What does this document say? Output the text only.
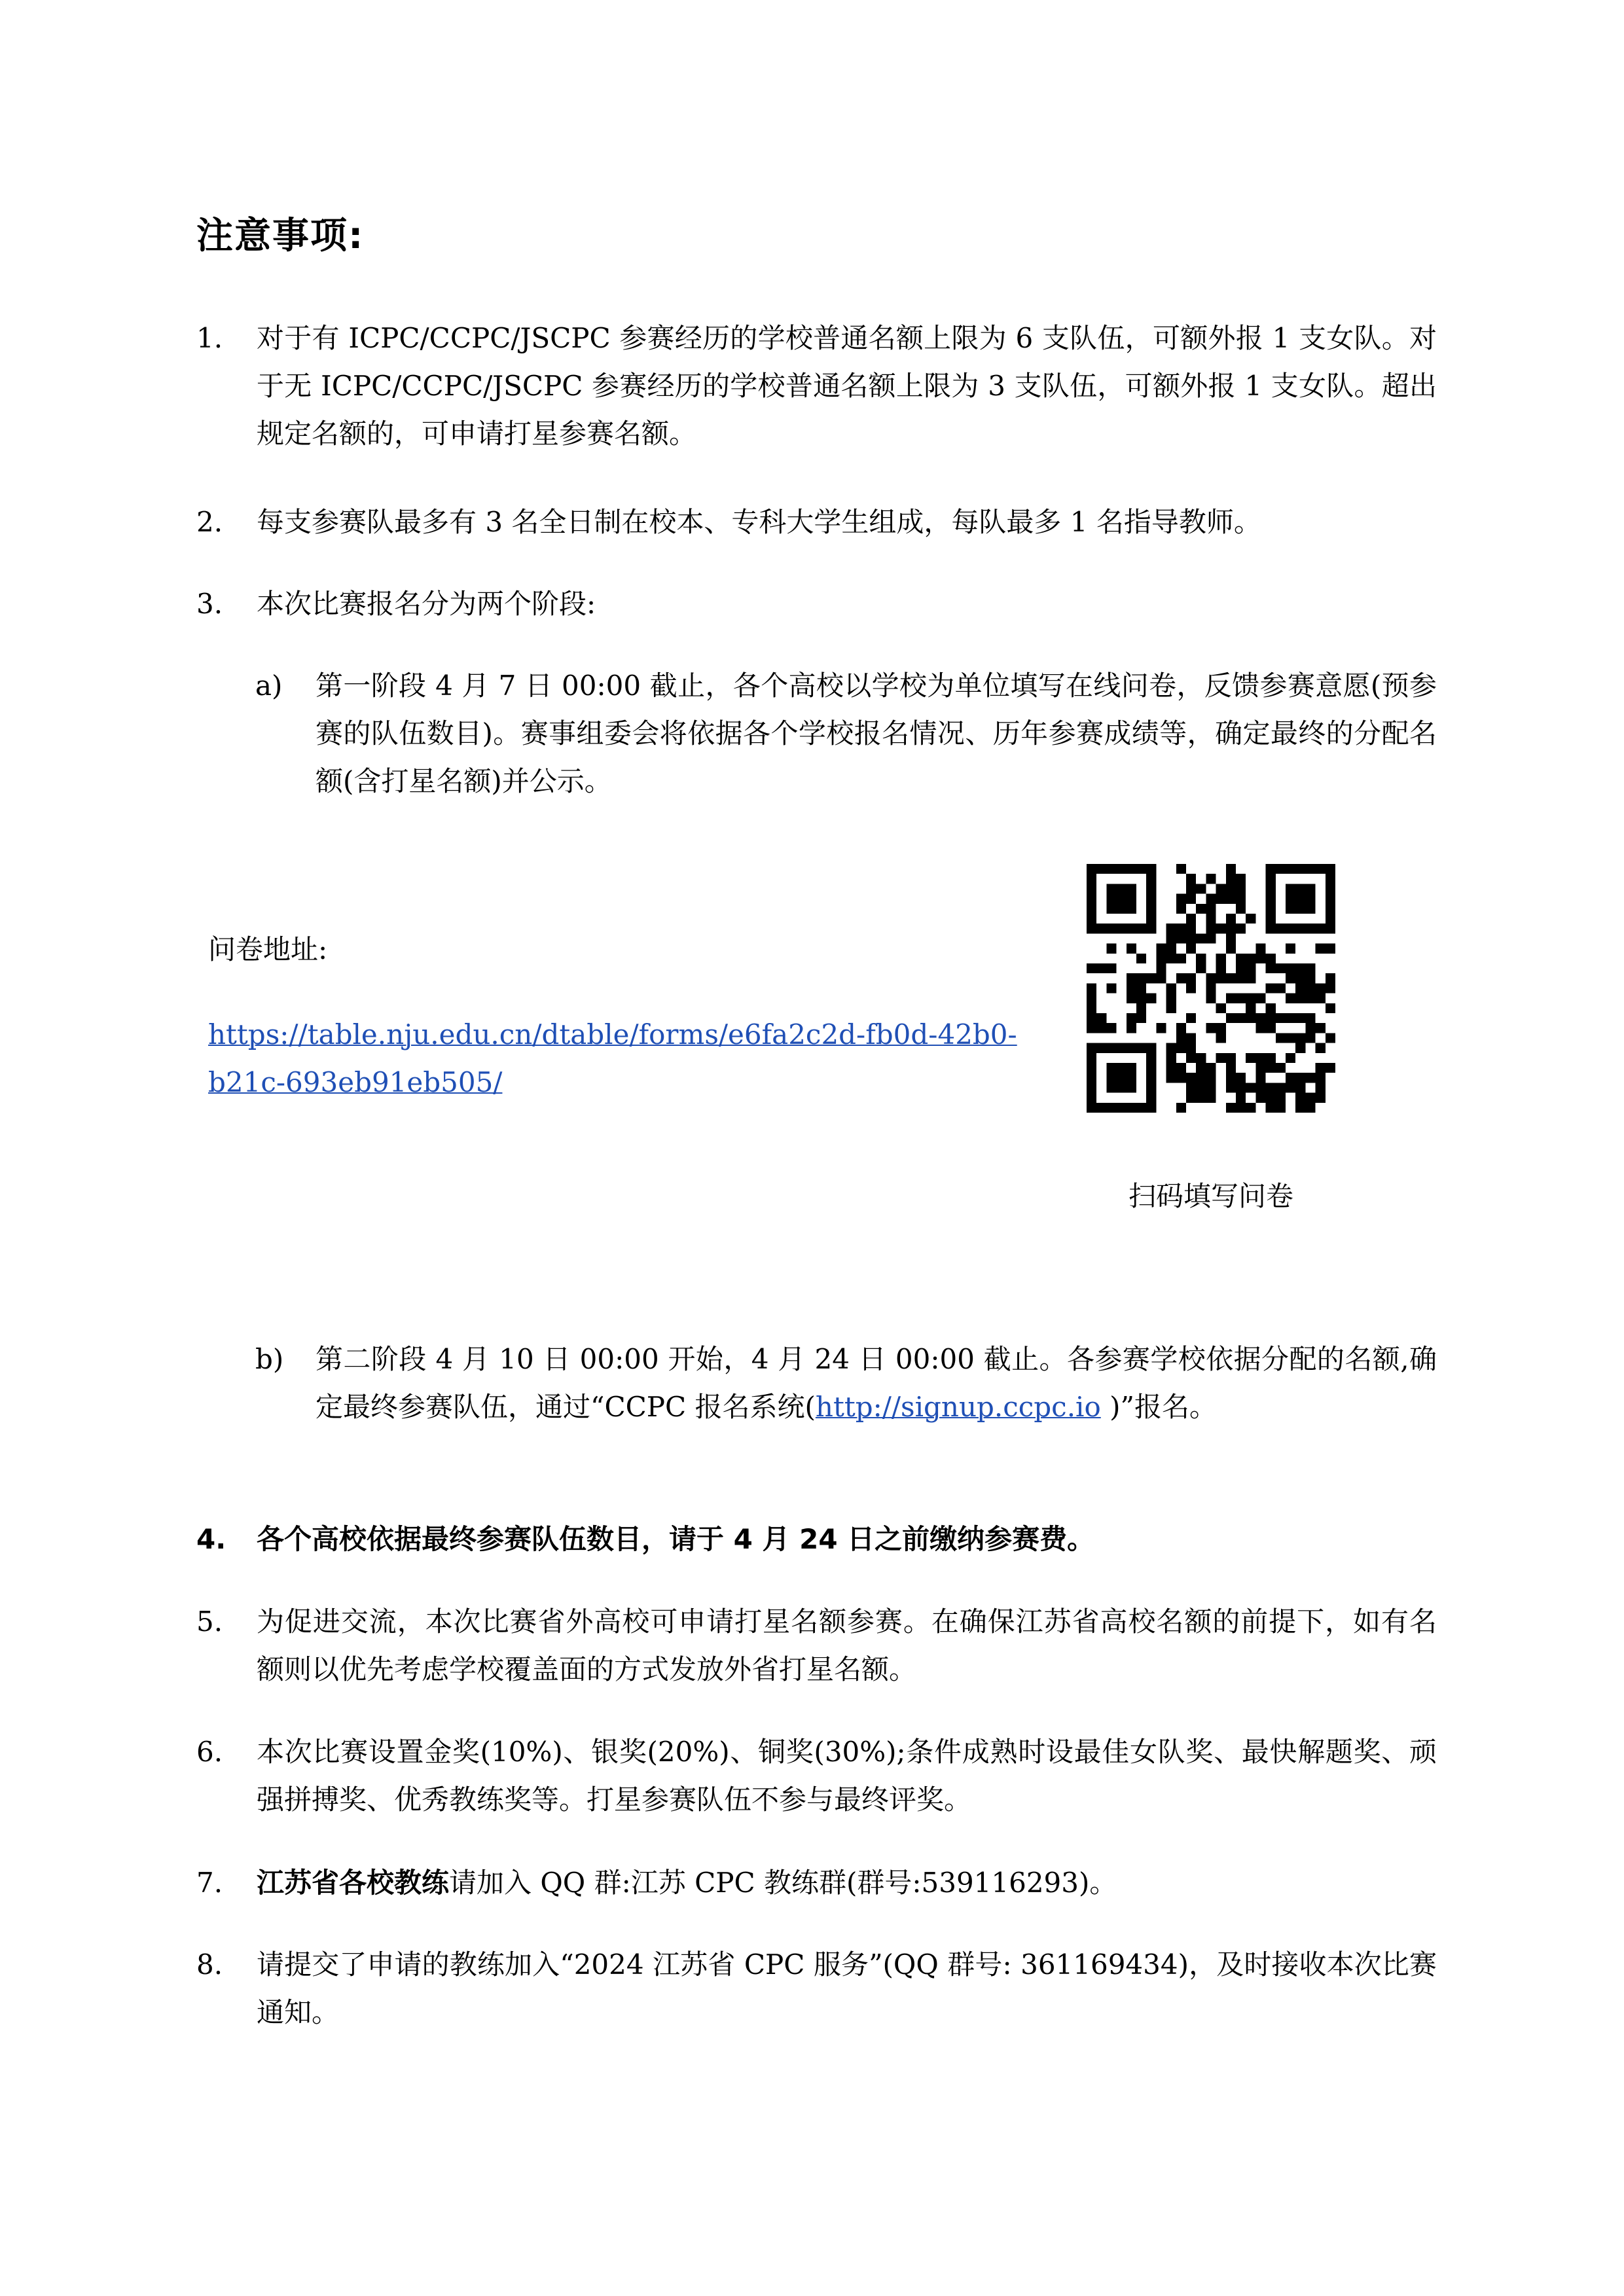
注意事项:
1.	对于有 ICPC/CCPC/JSCPC 参赛经历的学校普通名额上限为 6 支队伍，可额外报 1 支女队。对于无 ICPC/CCPC/JSCPC 参赛经历的学校普通名额上限为 3 支队伍，可额外报 1 支女队。超出规定名额的，可申请打星参赛名额。
2.	每支参赛队最多有 3 名全日制在校本、专科大学生组成，每队最多 1 名指导教师。
3.	本次比赛报名分为两个阶段:
a)	第一阶段 4 月 7 日 00:00 截止，各个高校以学校为单位填写在线问卷，反馈参赛意愿(预参赛的队伍数目)。赛事组委会将依据各个学校报名情况、历年参赛成绩等，确定最终的分配名额(含打星名额)并公示。
问卷地址:
https://table.nju.edu.cn/dtable/forms/e6fa2c2d-fb0d-42b0-b21c-693eb91eb505/
扫码填写问卷
b)	第二阶段 4 月 10 日 00:00 开始，4 月 24 日 00:00 截止。各参赛学校依据分配的名额,确定最终参赛队伍，通过“CCPC 报名系统(http://signup.ccpc.io )”报名。
4.	各个高校依据最终参赛队伍数目，请于 4 月 24 日之前缴纳参赛费。
5.	为促进交流，本次比赛省外高校可申请打星名额参赛。在确保江苏省高校名额的前提下，如有名额则以优先考虑学校覆盖面的方式发放外省打星名额。
6.	本次比赛设置金奖(10%)、银奖(20%)、铜奖(30%);条件成熟时设最佳女队奖、最快解题奖、顽强拼搏奖、优秀教练奖等。打星参赛队伍不参与最终评奖。
7.	江苏省各校教练请加入 QQ 群:江苏 CPC 教练群(群号:539116293)。
8.	请提交了申请的教练加入“2024 江苏省 CPC 服务”(QQ 群号: 361169434)，及时接收本次比赛通知。
